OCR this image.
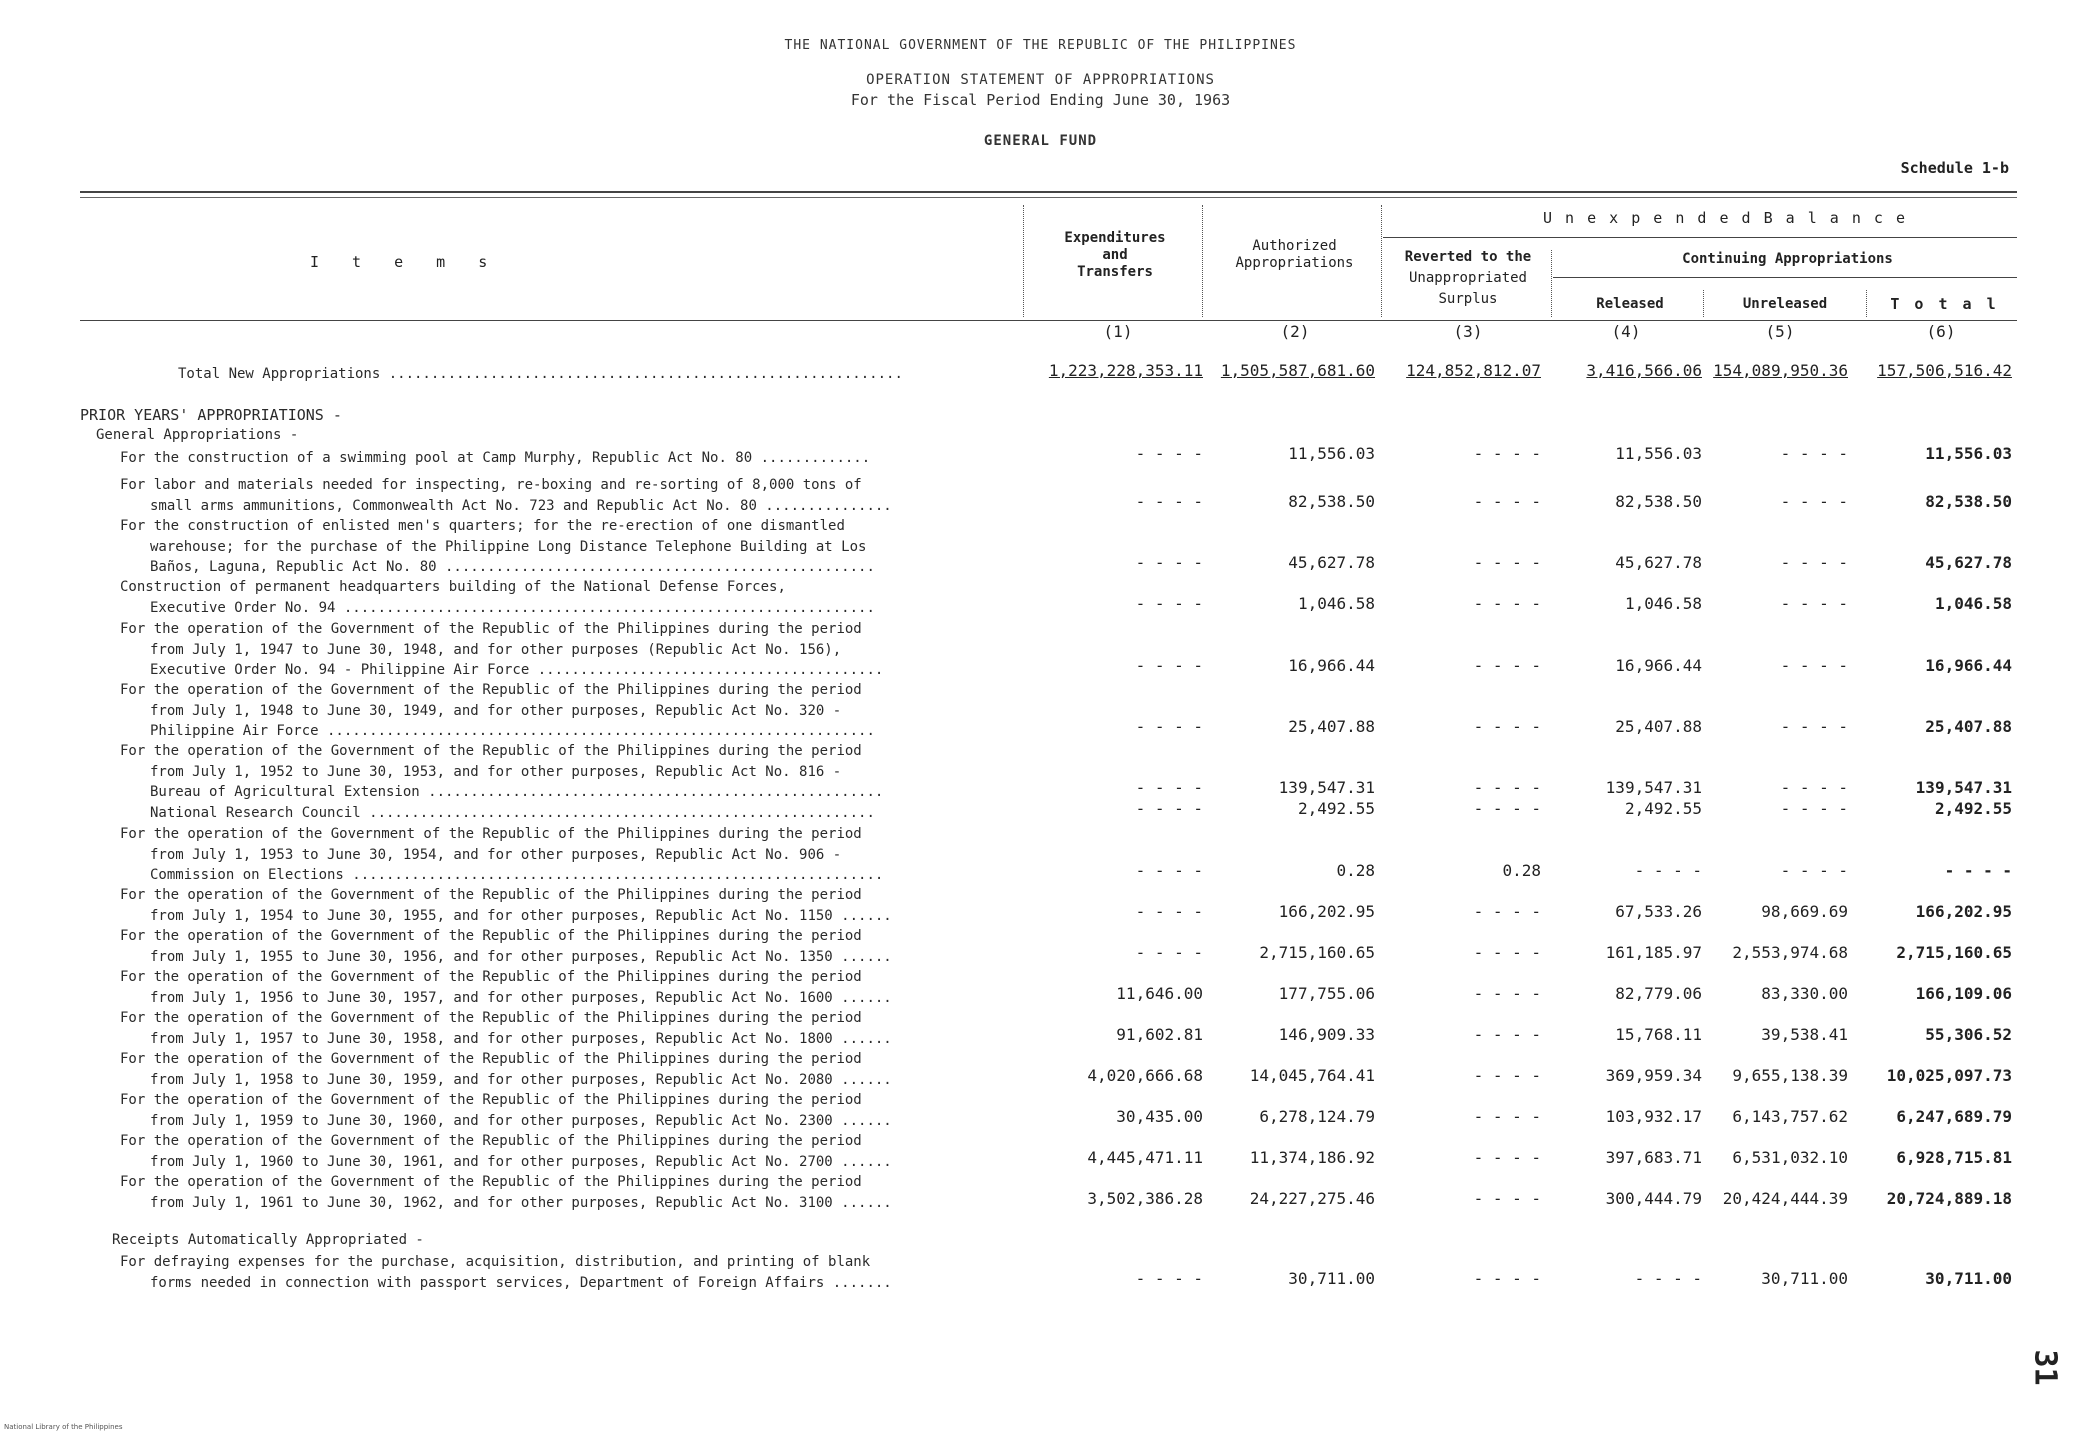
THE NATIONAL GOVERNMENT OF THE REPUBLIC OF THE PHILIPPINES
OPERATION STATEMENT OF APPROPRIATIONS
For the Fiscal Period Ending June 30, 1963
GENERAL FUND
Schedule 1-b
I t e m s
Expenditures
and
Transfers
Authorized
Appropriations
U n e x p e n d e d B a l a n c e
Reverted to the
Unappropriated
Surplus
Continuing Appropriations
Released	Unreleased	T o t a l
(1)	(2)	(3)	(4)	(5)	(6)
Total New Appropriations .............................................................	1,223,228,353.11 1,505,587,681.60 124,852,812.07	3,416,566.06 154,089,950.36 157,506,516.42
PRIOR YEARS' APPROPRIATIONS -
General Appropriations -
Receipts Automatically Appropriated -
For the construction of a swimming pool at Camp Murphy, Republic Act No. 80 .............	- - - -	11,556.03	- - - -	11,556.03	- - - -	11,556.03
For labor and materials needed for inspecting, re-boxing and re-sorting of 8,000 tons of
small arms ammunitions, Commonwealth Act No. 723 and Republic Act No. 80 ...............	- - - -	82,538.50	- - - -	82,538.50	- - - -	82,538.50
For the construction of enlisted men's quarters; for the re-erection of one dismantled
warehouse; for the purchase of the Philippine Long Distance Telephone Building at Los
Baños, Laguna, Republic Act No. 80 ...................................................	- - - -	45,627.78	- - - -	45,627.78	- - - -	45,627.78
Construction of permanent headquarters building of the National Defense Forces,
Executive Order No. 94 ...............................................................	- - - -	1,046.58	- - - -	1,046.58	- - - -	1,046.58
For the operation of the Government of the Republic of the Philippines during the period
from July 1, 1947 to June 30, 1948, and for other purposes (Republic Act No. 156),
Executive Order No. 94 - Philippine Air Force .........................................	- - - -	16,966.44	- - - -	16,966.44	- - - -	16,966.44
For the operation of the Government of the Republic of the Philippines during the period
from July 1, 1948 to June 30, 1949, and for other purposes, Republic Act No. 320 -
Philippine Air Force .................................................................	- - - -	25,407.88	- - - -	25,407.88	- - - -	25,407.88
For the operation of the Government of the Republic of the Philippines during the period
from July 1, 1952 to June 30, 1953, and for other purposes, Republic Act No. 816 -
Bureau of Agricultural Extension ......................................................	- - - -	139,547.31	- - - -	139,547.31	- - - -	139,547.31
National Research Council ............................................................	- - - -	2,492.55	- - - -	2,492.55	- - - -	2,492.55
For the operation of the Government of the Republic of the Philippines during the period
from July 1, 1953 to June 30, 1954, and for other purposes, Republic Act No. 906 -
Commission on Elections ...............................................................	- - - -	0.28	0.28	- - - -	- - - -	- - - -
For the operation of the Government of the Republic of the Philippines during the period
from July 1, 1954 to June 30, 1955, and for other purposes, Republic Act No. 1150 ......	- - - -	166,202.95	- - - -	67,533.26	98,669.69	166,202.95
For the operation of the Government of the Republic of the Philippines during the period
from July 1, 1955 to June 30, 1956, and for other purposes, Republic Act No. 1350 ......	- - - -	2,715,160.65	- - - -	161,185.97 2,553,974.68	2,715,160.65
For the operation of the Government of the Republic of the Philippines during the period
from July 1, 1956 to June 30, 1957, and for other purposes, Republic Act No. 1600 ......	11,646.00	177,755.06	- - - -	82,779.06	83,330.00	166,109.06
For the operation of the Government of the Republic of the Philippines during the period
from July 1, 1957 to June 30, 1958, and for other purposes, Republic Act No. 1800 ......	91,602.81	146,909.33	- - - -	15,768.11	39,538.41	55,306.52
For the operation of the Government of the Republic of the Philippines during the period
from July 1, 1958 to June 30, 1959, and for other purposes, Republic Act No. 2080 ......	4,020,666.68	14,045,764.41	- - - -	369,959.34 9,655,138.39 10,025,097.73
For the operation of the Government of the Republic of the Philippines during the period
from July 1, 1959 to June 30, 1960, and for other purposes, Republic Act No. 2300 ......	30,435.00	6,278,124.79	- - - -	103,932.17 6,143,757.62	6,247,689.79
For the operation of the Government of the Republic of the Philippines during the period
from July 1, 1960 to June 30, 1961, and for other purposes, Republic Act No. 2700 ......	4,445,471.11	11,374,186.92	- - - -	397,683.71 6,531,032.10	6,928,715.81
For the operation of the Government of the Republic of the Philippines during the period
from July 1, 1961 to June 30, 1962, and for other purposes, Republic Act No. 3100 ......	3,502,386.28	24,227,275.46	- - - -	300,444.79 20,424,444.39 20,724,889.18
For defraying expenses for the purchase, acquisition, distribution, and printing of blank
forms needed in connection with passport services, Department of Foreign Affairs .......	- - - -	30,711.00	- - - -	- - - -	30,711.00	30,711.00
31
National Library of the Philippines
